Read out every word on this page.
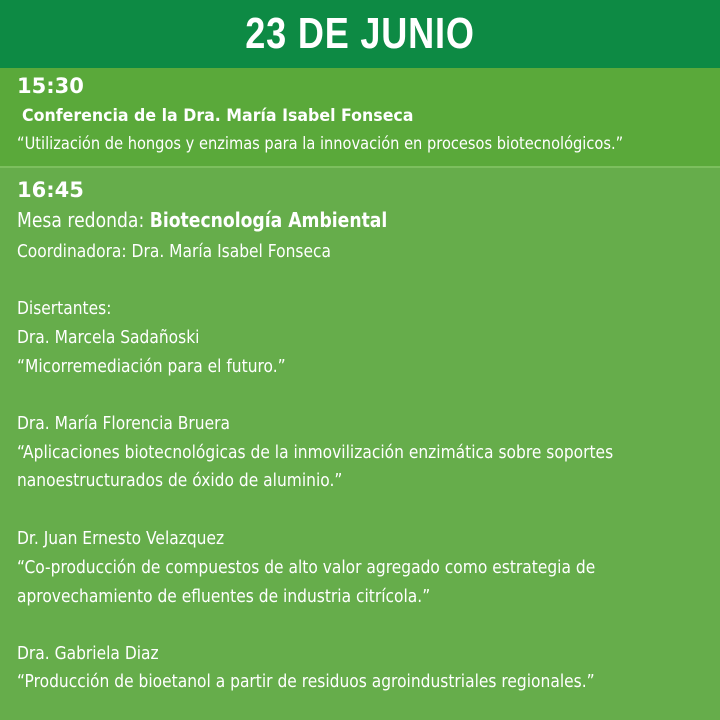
23 DE JUNIO
15:30
Conferencia de la Dra. María Isabel Fonseca
“Utilización de hongos y enzimas para la innovación en procesos biotecnológicos.”
16:45
Mesa redonda: Biotecnología Ambiental
Coordinadora: Dra. María Isabel Fonseca
Disertantes:
Dra. Marcela Sadañoski
“Micorremediación para el futuro.”
Dra. María Florencia Bruera
“Aplicaciones biotecnológicas de la inmovilización enzimática sobre soportes
nanoestructurados de óxido de aluminio.”
Dr. Juan Ernesto Velazquez
“Co-producción de compuestos de alto valor agregado como estrategia de
aprovechamiento de efluentes de industria citrícola.”
Dra. Gabriela Diaz
“Producción de bioetanol a partir de residuos agroindustriales regionales.”
